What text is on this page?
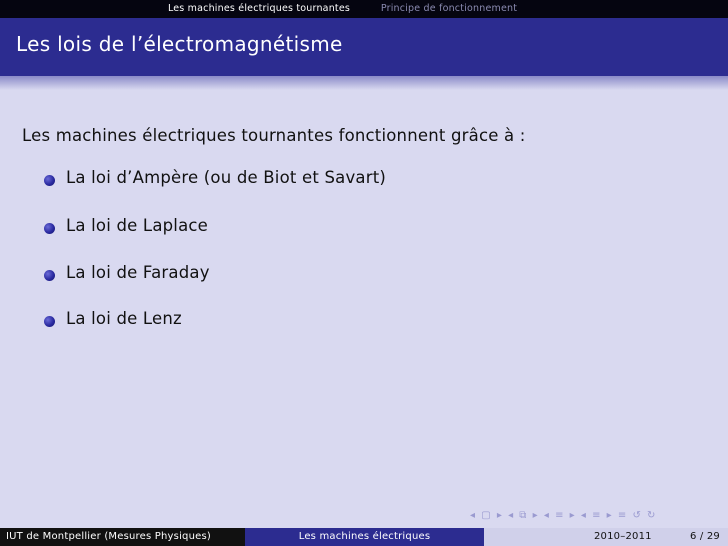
Les machines électriques tournantes	Principe de fonctionnement
Les lois de l’électromagnétisme
Les machines électriques tournantes fonctionnent grâce à :
La loi d’Ampère (ou de Biot et Savart)
La loi de Laplace
La loi de Faraday
La loi de Lenz
◂ ▢ ▸ ◂ ⧉ ▸ ◂ ≡ ▸ ◂ ≡ ▸ ≡ ↺ ↻
IUT de Montpellier (Mesures Physiques)	Les machines électriques	2010–2011	6 / 29
